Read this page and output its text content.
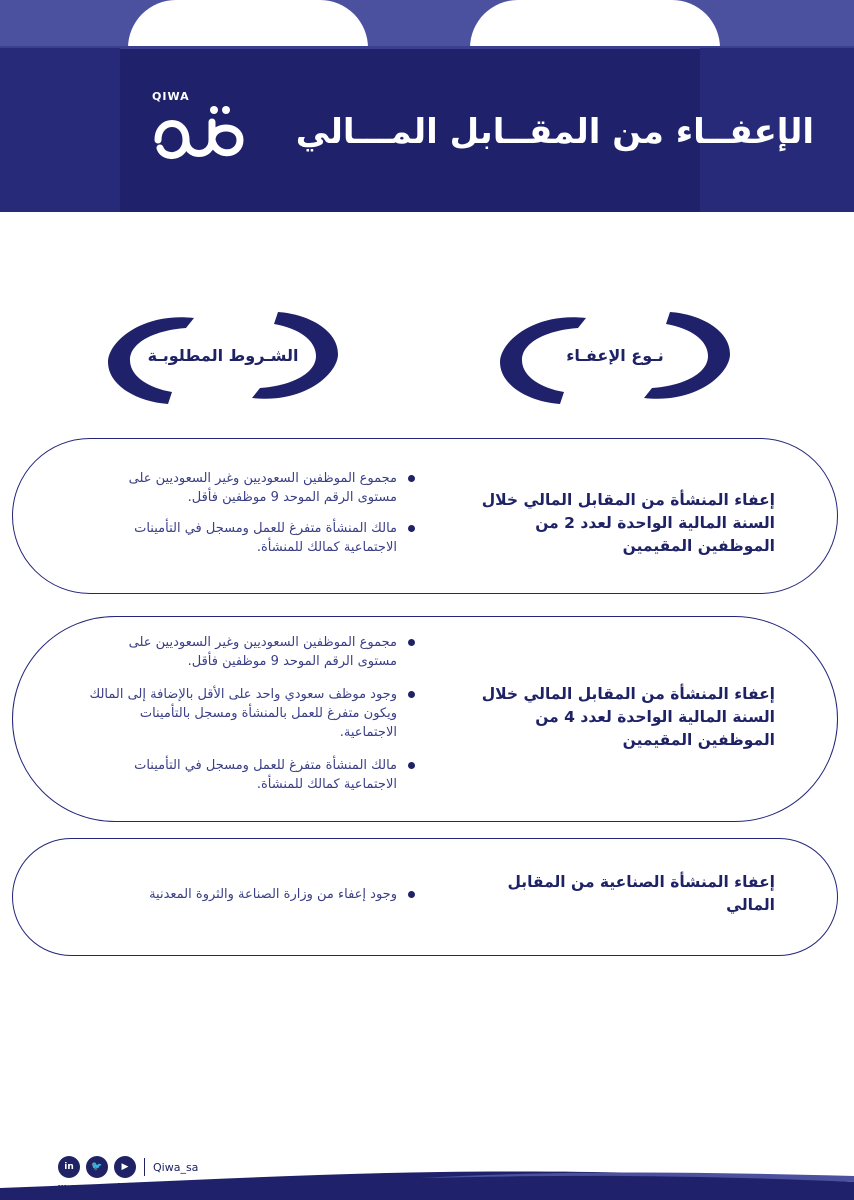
QIWA
الإعفــاء من المقــابل المـــالي
الشـروط المطلوبـة	نـوع الإعفـاء
إعفاء المنشأة من المقابل المالي خلال السنة المالية الواحدة لعدد 2 من الموظفين المقيمين
مجموع الموظفين السعوديين وغير السعوديين على مستوى الرقم الموحد 9 موظفين فأقل.
مالك المنشأة متفرغ للعمل ومسجل في التأمينات الاجتماعية كمالك للمنشأة.
إعفاء المنشأة من المقابل المالي خلال السنة المالية الواحدة لعدد 4 من الموظفين المقيمين
مجموع الموظفين السعوديين وغير السعوديين على مستوى الرقم الموحد 9 موظفين فأقل.
وجود موظف سعودي واحد على الأقل بالإضافة إلى المالك ويكون متفرغ للعمل بالمنشأة ومسجل بالتأمينات الاجتماعية.
مالك المنشأة متفرغ للعمل ومسجل في التأمينات الاجتماعية كمالك للمنشأة.
إعفاء المنشأة الصناعية من المقابل المالي
وجود إعفاء من وزارة الصناعة والثروة المعدنية
in	🐦	▶	Qiwa_sa
www.qiwa.sa
